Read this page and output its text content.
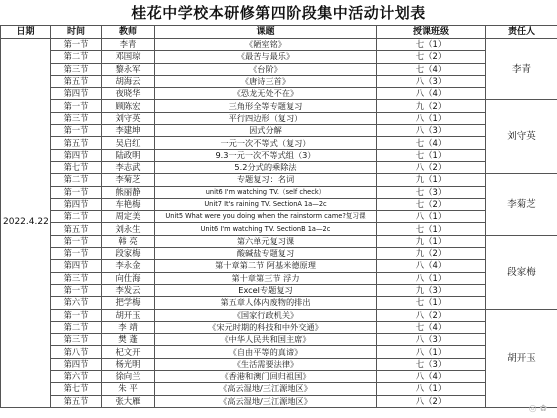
桂花中学校本研修第四阶段集中活动计划表
日期	时间	教师	课题	授课班级	责任人
2022.4.22	第一节	李青	《陋室铭》	七（1）	李青
	第二节	邓国琼	《最苦与最乐》	七（2）	
	第三节	黎永军	《台阶》	七（4）	
	第五节	胡海云	《唐诗三首》	八（3）	
	第四节	夜晓华	《恐龙无处不在》	八（4）	
	第一节	顾陈宏	三角形全等专题复习	九（2）	刘守英
	第三节	刘守英	平行四边形（复习）	八（1）	
	第一节	李建坤	因式分解	八（3）	
	第五节	吴启红	一元一次不等式（复习）	七（4）	
	第四节	陆政明	9.3一元一次不等式组（3）	七（1）	
	第七节	李志武	5.2分式的乘除法	八（2）	
	第二节	李菊芝	专题复习：名词	九（1）	李菊芝
	第一节	熊丽静	unit6 I'm watching TV.（self check）	七（3）	
	第四节	车艳梅	Unit7 It's raining TV. SectionA 1a—2c	七（2）	
	第二节	周定美	Unit5 What were you doing when the rainstorm came?复习课	八（1）	
	第五节	刘永生	Unit6 I'm watching TV. SectionB 1a—2c	七（1）	
	第一节	韩 亮	第六单元复习课	九（1）	段家梅
	第一节	段家梅	酸碱盐专题复习	九（2）	
	第四节	李永金	第十章第二节 阿基米德原理	八（4）	
	第三节	向仕海	第十章第三节 浮力	八（1）	
	第一节	李发云	Excel专题复习	九（3）	
	第六节	把学梅	第五章人体内废物的排出	七（1）	
	第一节	胡开玉	《国家行政机关》	八（2）	胡开玉
	第二节	李 靖	《宋元时期的科技和中外交通》	七（4）	
	第三节	樊 蓬	《中华人民共和国主席》	八（3）	
	第八节	杞文开	《自由平等的真谛》	八（1）	
	第四节	杨光明	《生活需要法律》	七（3）	
	第六节	徐向兰	《香港和澳门回归祖国》	八（4）	
	第七节	朱 平	《高云湿地/三江源地区》	八（1）	
	第五节	张大雁	《高云湿地/三江源地区》	八（2）	
◎ ✿
